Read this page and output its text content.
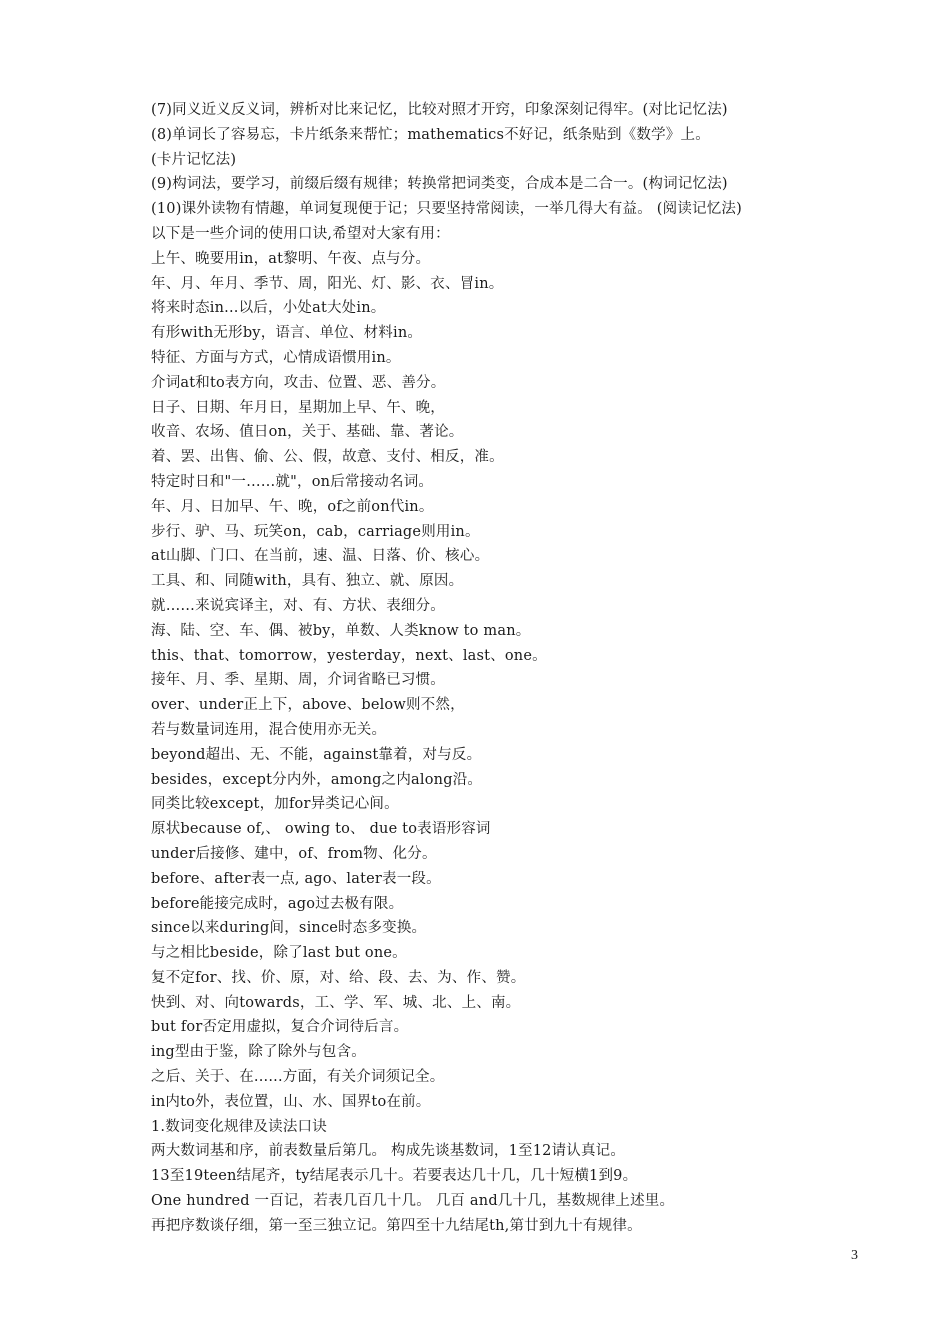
(7)同义近义反义词，辨析对比来记忆，比较对照才开窍，印象深刻记得牢。(对比记忆法)
(8)单词长了容易忘，卡片纸条来帮忙；mathematics不好记，纸条贴到《数学》上。
(卡片记忆法)
(9)构词法，要学习，前缀后缀有规律；转换常把词类变，合成本是二合一。(构词记忆法)
(10)课外读物有情趣，单词复现便于记；只要坚持常阅读，一举几得大有益。 (阅读记忆法)
以下是一些介词的使用口诀,希望对大家有用：
上午、晚要用in，at黎明、午夜、点与分。
年、月、年月、季节、周，阳光、灯、影、衣、冒in。
将来时态in...以后，小处at大处in。
有形with无形by，语言、单位、材料in。
特征、方面与方式，心情成语惯用in。
介词at和to表方向，攻击、位置、恶、善分。
日子、日期、年月日，星期加上早、午、晚，
收音、农场、值日on，关于、基础、靠、著论。
着、罢、出售、偷、公、假，故意、支付、相反，准。
特定时日和"一……就"，on后常接动名词。
年、月、日加早、午、晚，of之前on代in。
步行、驴、马、玩笑on，cab，carriage则用in。
at山脚、门口、在当前，速、温、日落、价、核心。
工具、和、同随with，具有、独立、就、原因。
就……来说宾译主，对、有、方状、表细分。
海、陆、空、车、偶、被by，单数、人类know to man。
this、that、tomorrow，yesterday，next、last、one。
接年、月、季、星期、周，介词省略已习惯。
over、under正上下，above、below则不然，
若与数量词连用，混合使用亦无关。
beyond超出、无、不能，against靠着，对与反。
besides，except分内外，among之内along沿。
同类比较except，加for异类记心间。
原状because of,、 owing to、 due to表语形容词
under后接修、建中，of、from物、化分。
before、after表一点, ago、later表一段。
before能接完成时，ago过去极有限。
since以来during间，since时态多变换。
与之相比beside，除了last but one。
复不定for、找、价、原，对、给、段、去、为、作、赞。
快到、对、向towards，工、学、军、城、北、上、南。
but for否定用虚拟，复合介词待后言。
ing型由于鉴，除了除外与包含。
之后、关于、在......方面，有关介词须记全。
in内to外，表位置，山、水、国界to在前。
1.数词变化规律及读法口诀
两大数词基和序，前表数量后第几。 构成先谈基数词，1至12请认真记。
13至19teen结尾齐，ty结尾表示几十。若要表达几十几，几十短横1到9。
One hundred 一百记，若表几百几十几。 几百 and几十几，基数规律上述里。
再把序数谈仔细，第一至三独立记。第四至十九结尾th,第廿到九十有规律。
3
